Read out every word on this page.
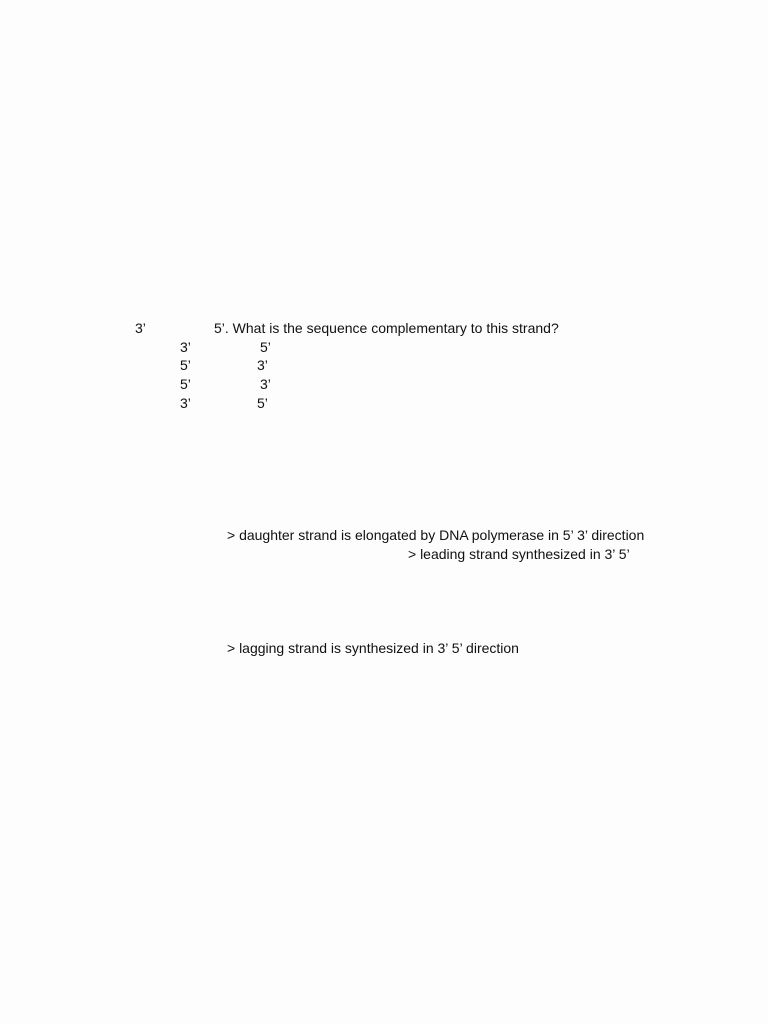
3’	5’. What is the sequence complementary to this strand?
3’	5’
5’	3’
5’	3’
3’	5’
> daughter strand is elongated by DNA polymerase in 5’ 3’ direction
> leading strand synthesized in 3’ 5’
> lagging strand is synthesized in 3’ 5’ direction
